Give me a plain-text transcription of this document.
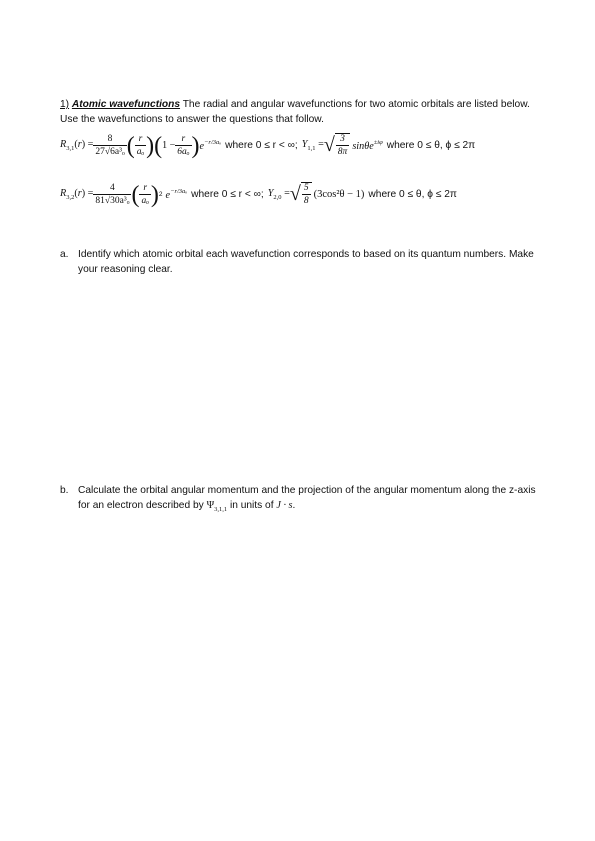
1) Atomic wavefunctions The radial and angular wavefunctions for two atomic orbitals are listed below. Use the wavefunctions to answer the questions that follow.
$R_{3,1}(r) = \frac{8}{\text{27√6a³ₒ}}$ ( $\frac{r}{\text{aₒ}}$ )( $1 - \frac{r}{\text{6aₒ}}$ ) $e^{-r/3a_o}$ where 0 ≤ r < ∞; $Y_{1,1}$ = √ $\frac{3}{8\pi} \sin\theta e^{\pm i\varphi}$ where 0 ≤ θ, ϕ ≤ 2π
$R_{3,2}(r) = \frac{4}{\text{81√30a³ₒ}}$ ( $\frac{r}{\text{aₒ}}$ ) 2 $e^{-r/3a_o}$ where 0 ≤ r < ∞; $Y_{2,0}$ = √ $\frac{5}{8} (3\cos^2\theta - 1)$ where 0 ≤ θ, ϕ ≤ 2π
a. Identify which atomic orbital each wavefunction corresponds to based on its quantum numbers. Make your reasoning clear.
b. Calculate the orbital angular momentum and the projection of the angular momentum along the z-axis for an electron described by $\Psi_{3,1,1}$ in units of J · s.
